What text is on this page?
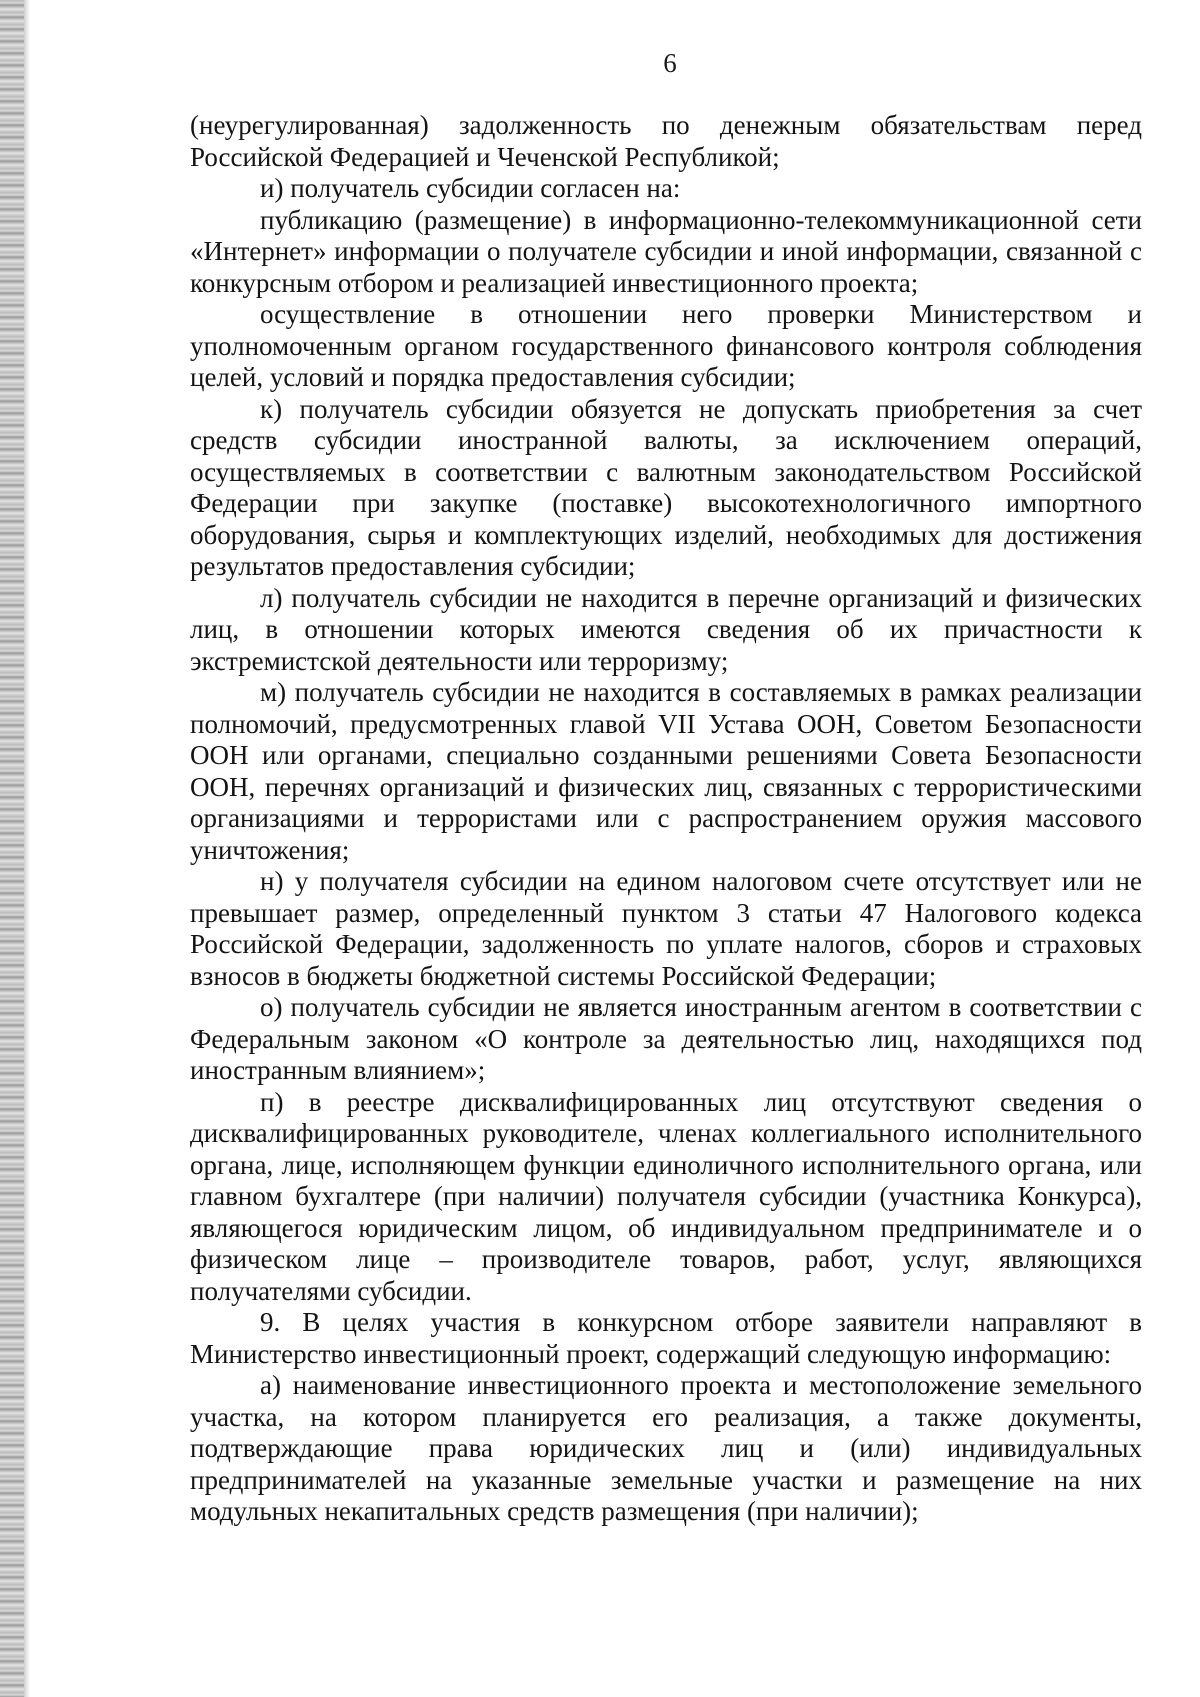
6

(неурегулированная) задолженность по денежным обязательствам перед Российской Федерацией и Чеченской Республикой;

и) получатель субсидии согласен на:

публикацию (размещение) в информационно-телекоммуникационной сети «Интернет» информации о получателе субсидии и иной информации, связанной с конкурсным отбором и реализацией инвестиционного проекта;

осуществление в отношении него проверки Министерством и уполномоченным органом государственного финансового контроля соблюдения целей, условий и порядка предоставления субсидии;

к) получатель субсидии обязуется не допускать приобретения за счет средств субсидии иностранной валюты, за исключением операций, осуществляемых в соответствии с валютным законодательством Российской Федерации при закупке (поставке) высокотехнологичного импортного оборудования, сырья и комплектующих изделий, необходимых для достижения результатов предоставления субсидии;

л) получатель субсидии не находится в перечне организаций и физических лиц, в отношении которых имеются сведения об их причастности к экстремистской деятельности или терроризму;

м) получатель субсидии не находится в составляемых в рамках реализации полномочий, предусмотренных главой VII Устава ООН, Советом Безопасности ООН или органами, специально созданными решениями Совета Безопасности ООН, перечнях организаций и физических лиц, связанных с террористическими организациями и террористами или с распространением оружия массового уничтожения;

н) у получателя субсидии на едином налоговом счете отсутствует или не превышает размер, определенный пунктом 3 статьи 47 Налогового кодекса Российской Федерации, задолженность по уплате налогов, сборов и страховых взносов в бюджеты бюджетной системы Российской Федерации;

о) получатель субсидии не является иностранным агентом в соответствии с Федеральным законом «О контроле за деятельностью лиц, находящихся под иностранным влиянием»;

п) в реестре дисквалифицированных лиц отсутствуют сведения о дисквалифицированных руководителе, членах коллегиального исполнительного органа, лице, исполняющем функции единоличного исполнительного органа, или главном бухгалтере (при наличии) получателя субсидии (участника Конкурса), являющегося юридическим лицом, об индивидуальном предпринимателе и о физическом лице – производителе товаров, работ, услуг, являющихся получателями субсидии.

9. В целях участия в конкурсном отборе заявители направляют в Министерство инвестиционный проект, содержащий следующую информацию:

а) наименование инвестиционного проекта и местоположение земельного участка, на котором планируется его реализация, а также документы, подтверждающие права юридических лиц и (или) индивидуальных предпринимателей на указанные земельные участки и размещение на них модульных некапитальных средств размещения (при наличии);
